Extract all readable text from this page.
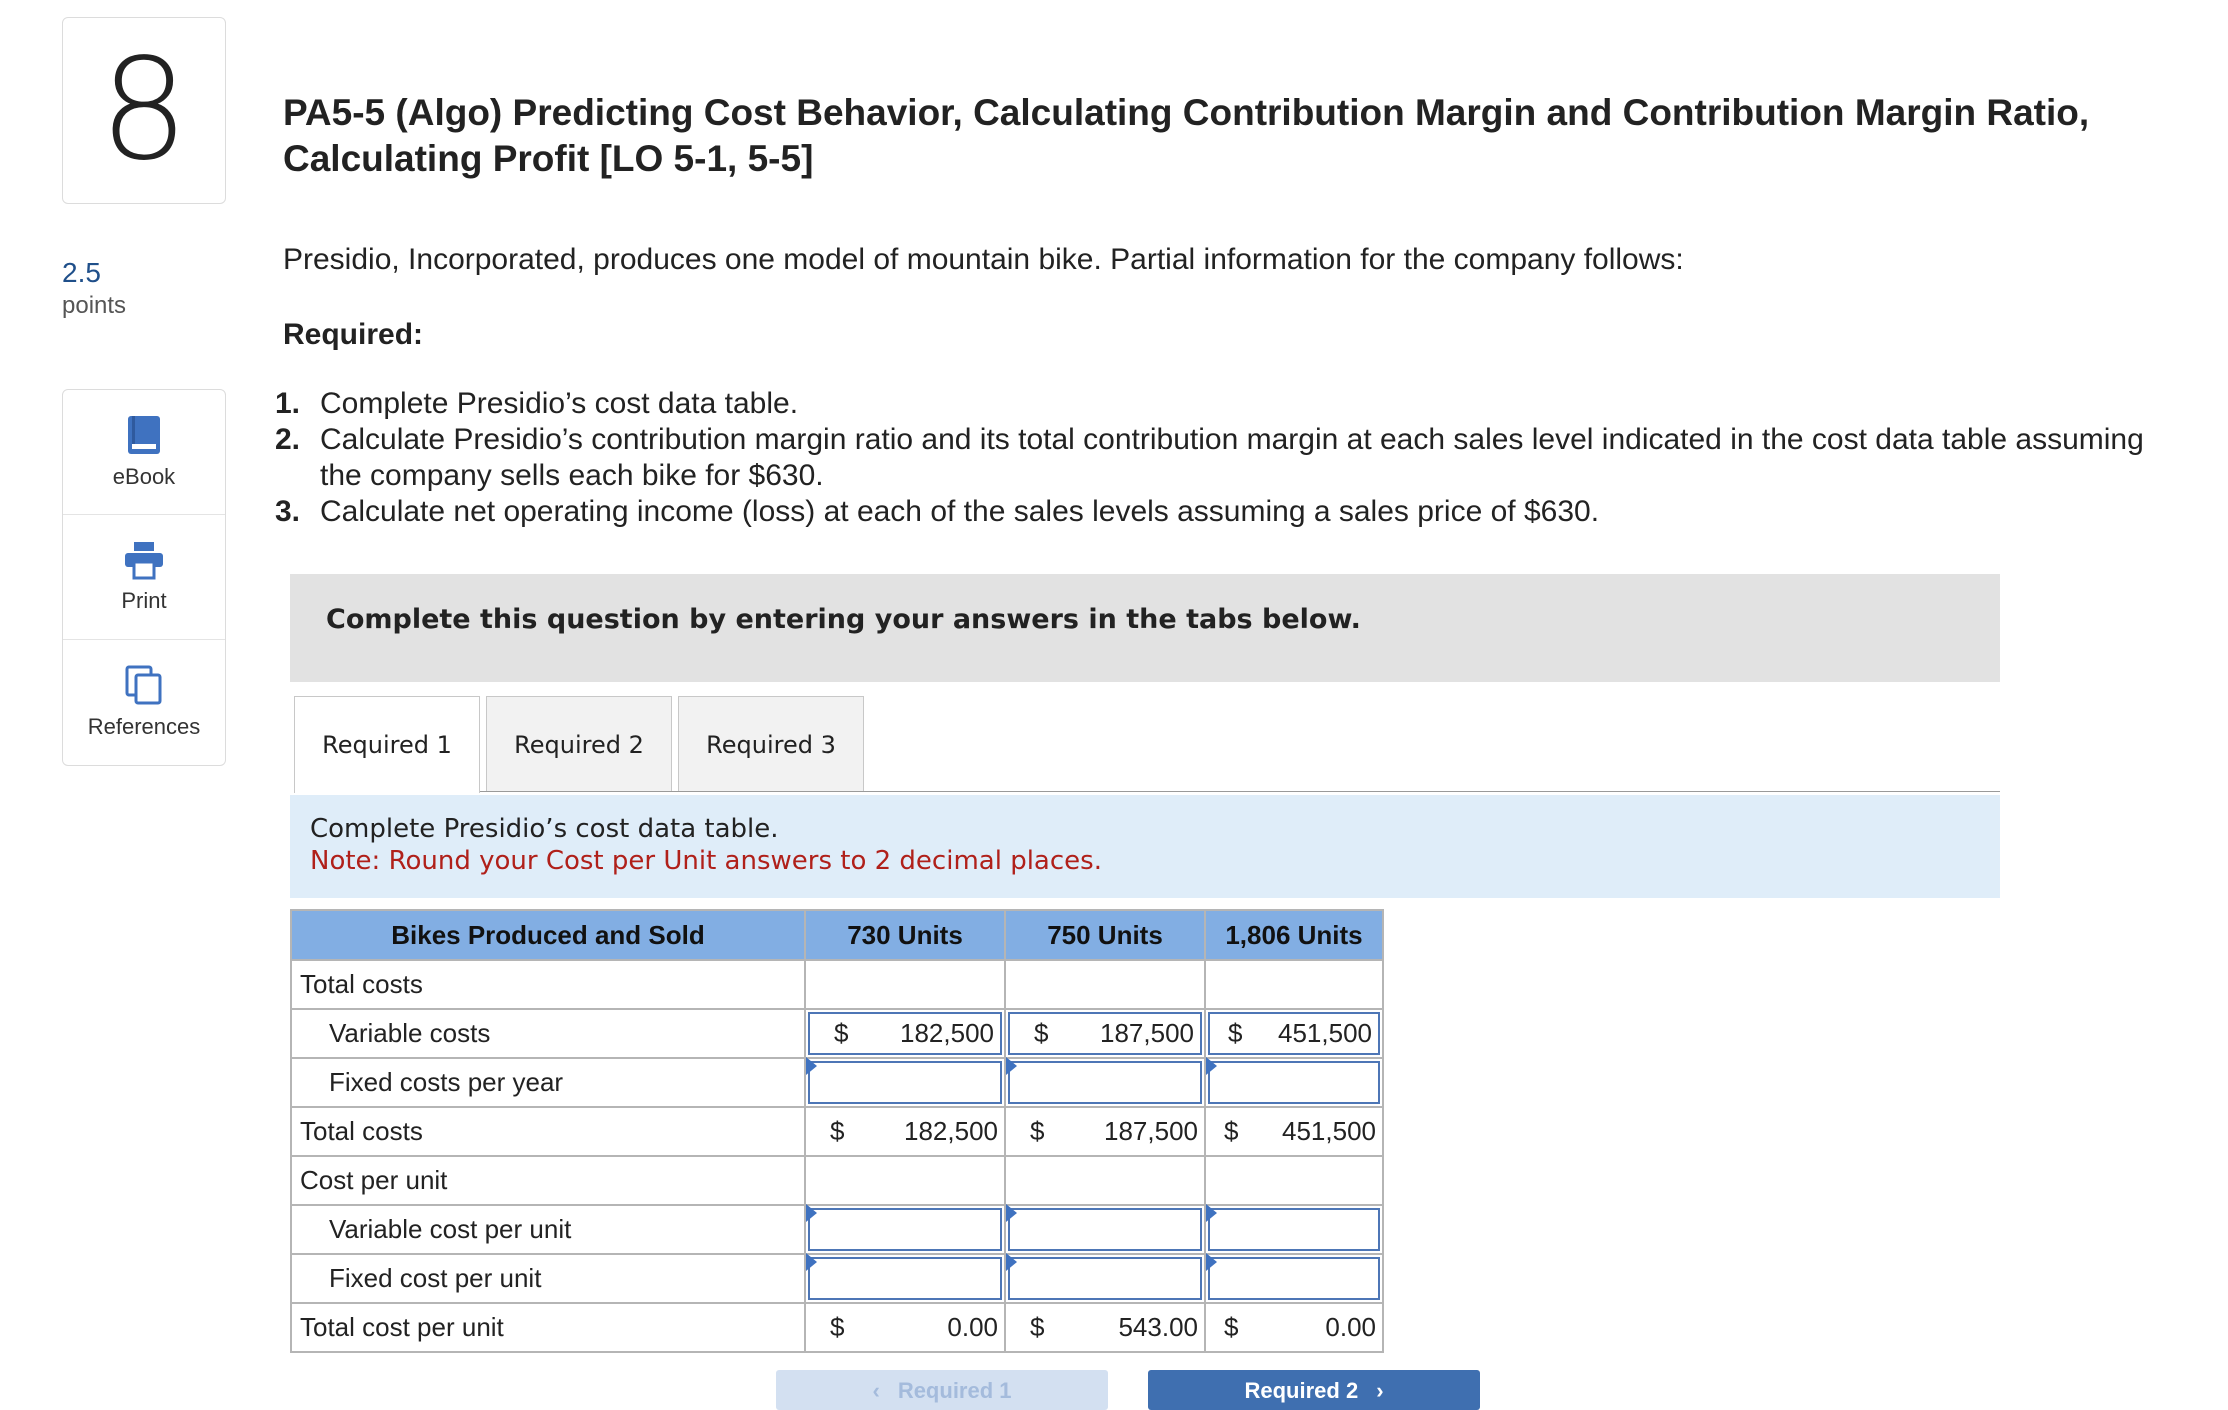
8
2.5
points
eBook
Print
References
PA5-5 (Algo) Predicting Cost Behavior, Calculating Contribution Margin and Contribution Margin Ratio, Calculating Profit [LO 5-1, 5-5]
Presidio, Incorporated, produces one model of mountain bike. Partial information for the company follows:
Required:
1. Complete Presidio’s cost data table.
2. Calculate Presidio’s contribution margin ratio and its total contribution margin at each sales level indicated in the cost data table assuming the company sells each bike for $630.
3. Calculate net operating income (loss) at each of the sales levels assuming a sales price of $630.
Complete this question by entering your answers in the tabs below.
Required 1	Required 2	Required 3
Complete Presidio’s cost data table.
Note: Round your Cost per Unit answers to 2 decimal places.
Bikes Produced and Sold	730 Units	750 Units	1,806 Units
Total costs			
Variable costs	$ 182,500	$ 187,500	$ 451,500

Fixed costs per year	

Total costs	$ 182,500	$ 187,500	$ 451,500

Cost per unit			
Variable cost per unit	

Fixed cost per unit	

Total cost per unit	$ 0.00	$ 543.00	$ 0.00
‹ Required 1	Required 2 ›
